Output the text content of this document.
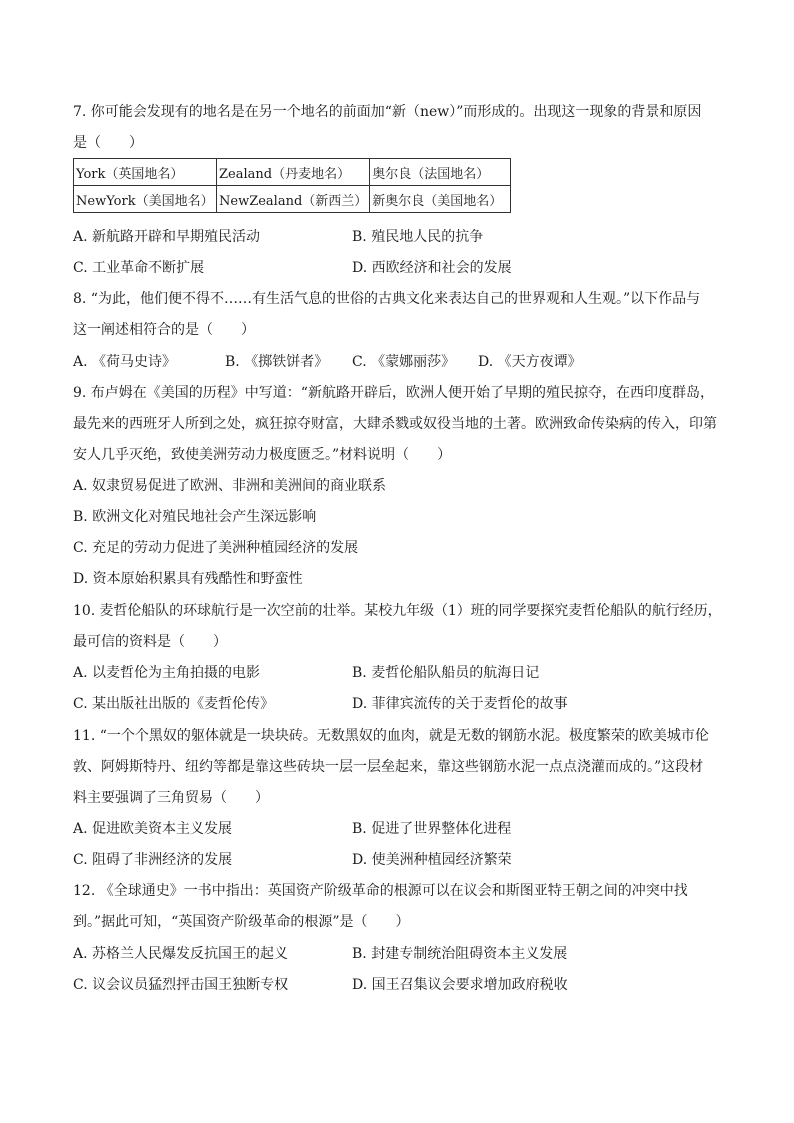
7. 你可能会发现有的地名是在另一个地名的前面加“新（new）”而形成的。出现这一现象的背景和原因
是（　　）
York（英国地名）	Zealand（丹麦地名）	奥尔良（法国地名）
NewYork（美国地名）	NewZealand（新西兰）	新奥尔良（美国地名）
A. 新航路开辟和早期殖民活动	B. 殖民地人民的抗争
C. 工业革命不断扩展	D. 西欧经济和社会的发展
8. “为此，他们便不得不……有生活气息的世俗的古典文化来表达自己的世界观和人生观。”以下作品与
这一阐述相符合的是（　　）
A. 《荷马史诗》	B. 《掷铁饼者》 C. 《蒙娜丽莎》 D. 《天方夜谭》
9. 布卢姆在《美国的历程》中写道：“新航路开辟后，欧洲人便开始了早期的殖民掠夺，在西印度群岛，
最先来的西班牙人所到之处，疯狂掠夺财富，大肆杀戮或奴役当地的土著。欧洲致命传染病的传入，印第
安人几乎灭绝，致使美洲劳动力极度匮乏。”材料说明（　　）
A. 奴隶贸易促进了欧洲、非洲和美洲间的商业联系
B. 欧洲文化对殖民地社会产生深远影响
C. 充足的劳动力促进了美洲种植园经济的发展
D. 资本原始积累具有残酷性和野蛮性
10. 麦哲伦船队的环球航行是一次空前的壮举。某校九年级（1）班的同学要探究麦哲伦船队的航行经历，
最可信的资料是（　　）
A. 以麦哲伦为主角拍摄的电影	B. 麦哲伦船队船员的航海日记
C. 某出版社出版的《麦哲伦传》	D. 菲律宾流传的关于麦哲伦的故事
11. “一个个黑奴的躯体就是一块块砖。无数黑奴的血肉，就是无数的钢筋水泥。极度繁荣的欧美城市伦
敦、阿姆斯特丹、纽约等都是靠这些砖块一层一层垒起来，靠这些钢筋水泥一点点浇灌而成的。”这段材
料主要强调了三角贸易（　　）
A. 促进欧美资本主义发展	B. 促进了世界整体化进程
C. 阻碍了非洲经济的发展	D. 使美洲种植园经济繁荣
12. 《全球通史》一书中指出：英国资产阶级革命的根源可以在议会和斯图亚特王朝之间的冲突中找
到。”据此可知，“英国资产阶级革命的根源”是（　　）
A. 苏格兰人民爆发反抗国王的起义	B. 封建专制统治阻碍资本主义发展
C. 议会议员猛烈抨击国王独断专权	D. 国王召集议会要求增加政府税收
